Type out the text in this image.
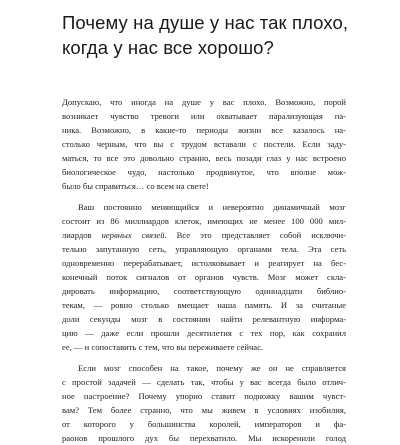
Почему на душе у нас так плохо,
когда у нас все хорошо?
Допускаю, что иногда на душе у вас плохо. Возможно, порой
возникает чувство тревоги или охватывает парализующая па-
ника. Возможно, в какие-то периоды жизни все казалось на-
столько черным, что вы с трудом вставали с постели. Если заду-
маться, то все это довольно странно, весь позади глаз у нас встроено
биологическое чудо, настолько продвинутое, что вполне мож-
было бы справиться… со всем на свете!
Ваш постоянно меняющийся и невероятно динамичный мозг
состоит из 86 миллиардов клеток, имеющих не менее 100 000 мил-
лиардов нервных связей. Все это представляет собой исключи-
тельно запутанную сеть, управляющую органами тела. Эта сеть
одновременно перерабатывает, истолковывает и реагирует на бес-
конечный поток сигналов от органов чувств. Мозг может скла-
дировать информацию, соответствующую одиннадцати библио-
текам, — ровно столько вмещает наша память. И за считаные
доли секунды мозг в состоянии найти релевантную информа-
цию — даже если прошли десятилетия с тех пор, как сохранил
ее, — и сопоставить с тем, что вы переживаете сейчас.
Если мозг способен на такое, почему же он не справляется
с простой задачей — сделать так, чтобы у вас всегда было отлич-
ное настроение? Почему упорно ставит подножку вашим чувст-
вам? Тем более странно, что мы живем в условиях изобилия,
от которого у большинства королей, императоров и фа-
раонов прошлого дух бы перехватило. Мы искоренили голод
